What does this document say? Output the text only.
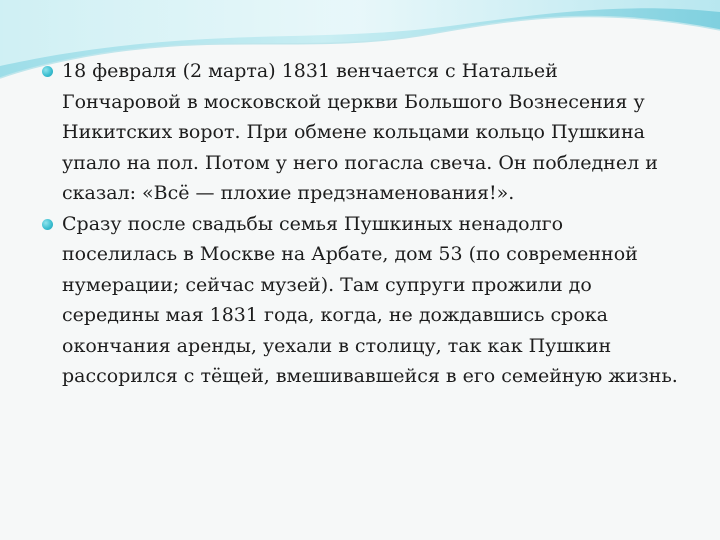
18 февраля (2 марта) 1831 венчается с Натальей Гончаровой в московской церкви Большого Вознесения у Никитских ворот. При обмене кольцами кольцо Пушкина упало на пол. Потом у него погасла свеча. Он побледнел и сказал: «Всё — плохие предзнаменования!».
Сразу после свадьбы семья Пушкиных ненадолго поселилась в Москве на Арбате, дом 53 (по современной нумерации; сейчас музей). Там супруги прожили до середины мая 1831 года, когда, не дождавшись срока окончания аренды, уехали в столицу, так как Пушкин рассорился с тёщей, вмешивавшейся в его семейную жизнь.
